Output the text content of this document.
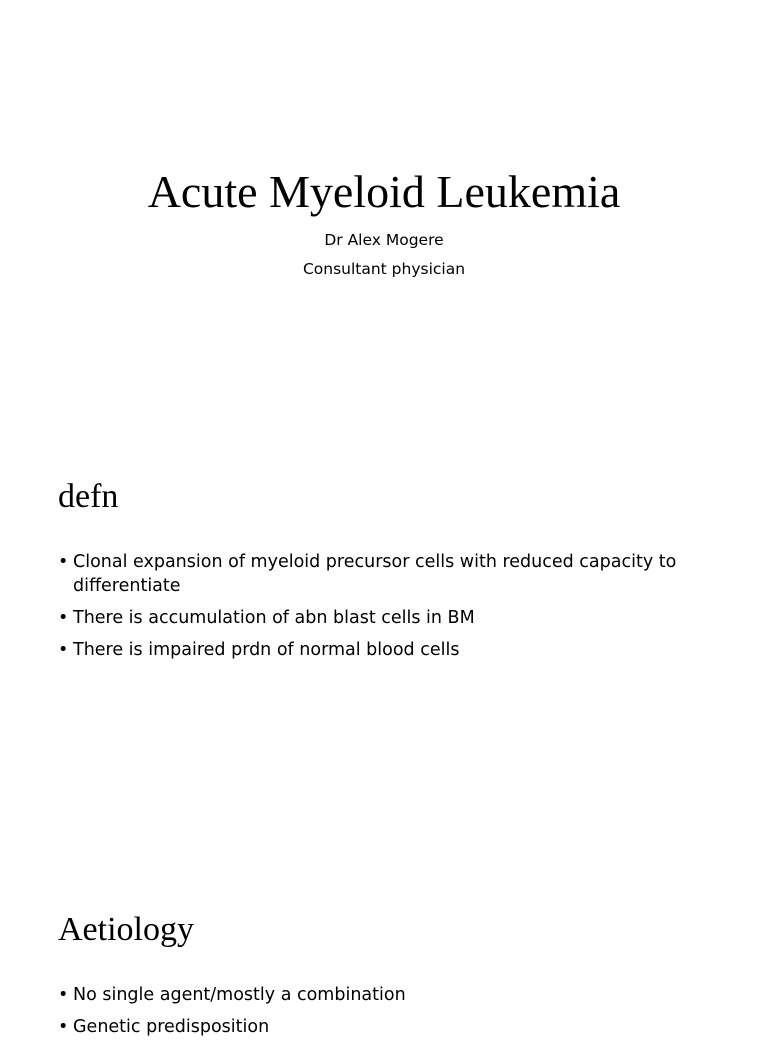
Acute Myeloid Leukemia
Dr Alex Mogere
Consultant physician
defn
• Clonal expansion of myeloid precursor cells with reduced capacity to differentiate
• There is accumulation of abn blast cells in BM
• There is impaired prdn of normal blood cells
Aetiology
• No single agent/mostly a combination
• Genetic predisposition
